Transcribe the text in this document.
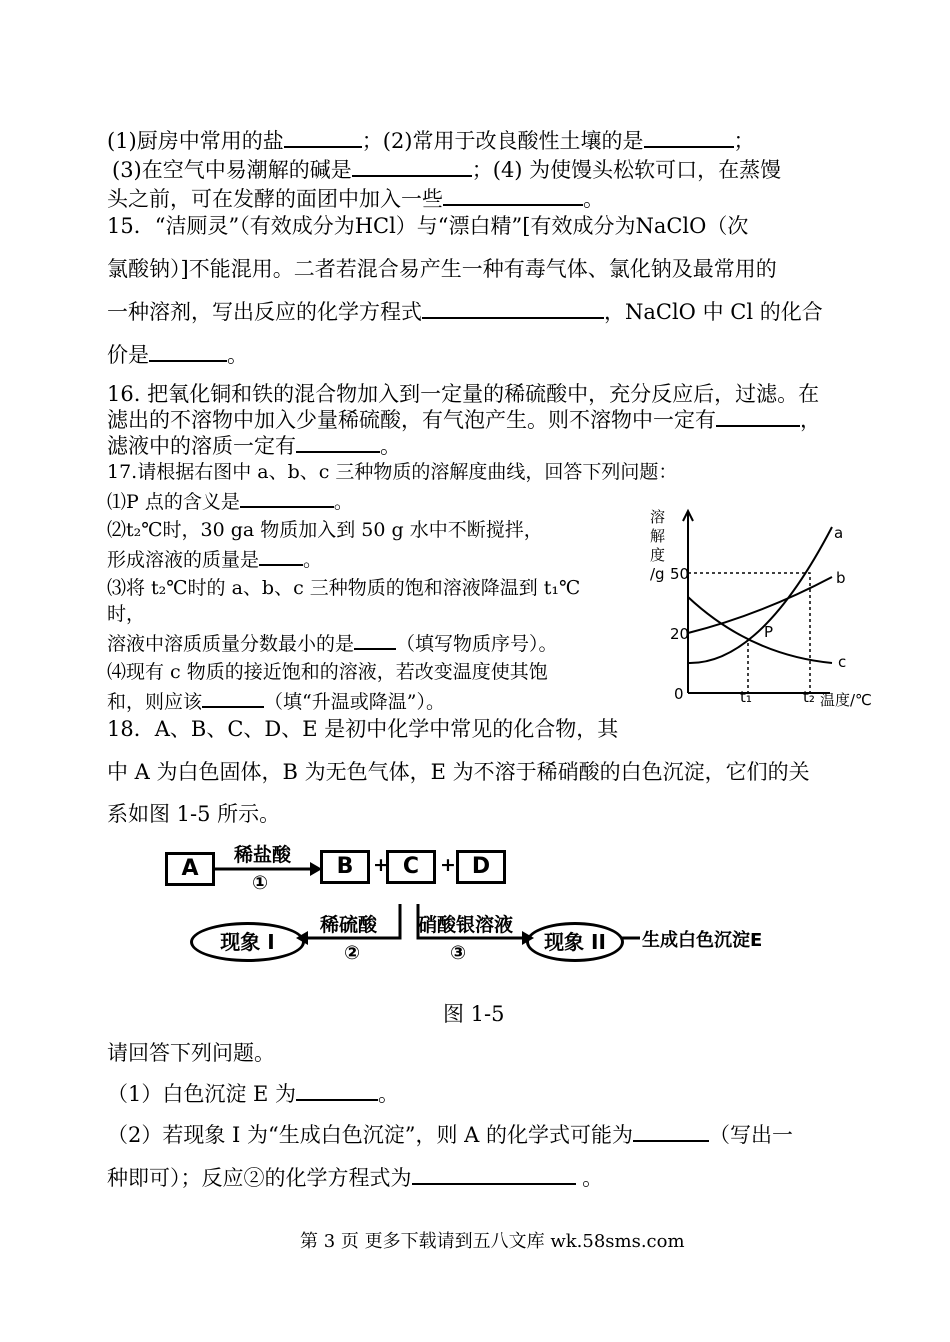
(1)厨房中常用的盐	；(2)常用于改良酸性土壤的是	；
(3)在空气中易潮解的碱是	；(4) 为使馒头松软可口，在蒸馒
头之前，可在发酵的面团中加入一些	。
15．“洁厕灵”（有效成分为HCl）与“漂白精”[有效成分为NaClO（次
氯酸钠）]不能混用。二者若混合易产生一种有毒气体、氯化钠及最常用的
一种溶剂，写出反应的化学方程式	，NaClO 中 Cl 的化合
价是	。
16. 把氧化铜和铁的混合物加入到一定量的稀硫酸中，充分反应后，过滤。在
滤出的不溶物中加入少量稀硫酸，有气泡产生。则不溶物中一定有	，
滤液中的溶质一定有	。
17.请根据右图中 a、b、c 三种物质的溶解度曲线，回答下列问题：
⑴P 点的含义是	。
⑵t₂℃时，30 ga 物质加入到 50 g 水中不断搅拌，
形成溶液的质量是 。
⑶将 t₂℃时的 a、b、c 三种物质的饱和溶液降温到 t₁℃
时，
溶液中溶质质量分数最小的是 （填写物质序号）。
⑷现有 c 物质的接近饱和的溶液，若改变温度使其饱
和，则应该	（填“升温或降温”）。
溶
解
度
/g 50
20
0	t₁	t₂ 温度/℃
a
b
c
P
18．A、B、C、D、E 是初中化学中常见的化合物，其
中 A 为白色固体，B 为无色气体，E 为不溶于稀硝酸的白色沉淀，它们的关
系如图 1-5 所示。
A	B	+ C	+ D
稀盐酸
①
稀硫酸
②
硝酸银溶液
③
现象 I	现象 II	生成白色沉淀E
图 1-5
请回答下列问题。
（1）白色沉淀 E 为	。
（2）若现象 I 为“生成白色沉淀”，则 A 的化学式可能为	（写出一
种即可）；反应②的化学方程式为	。
第 3 页 更多下载请到五八文库 wk.58sms.com
